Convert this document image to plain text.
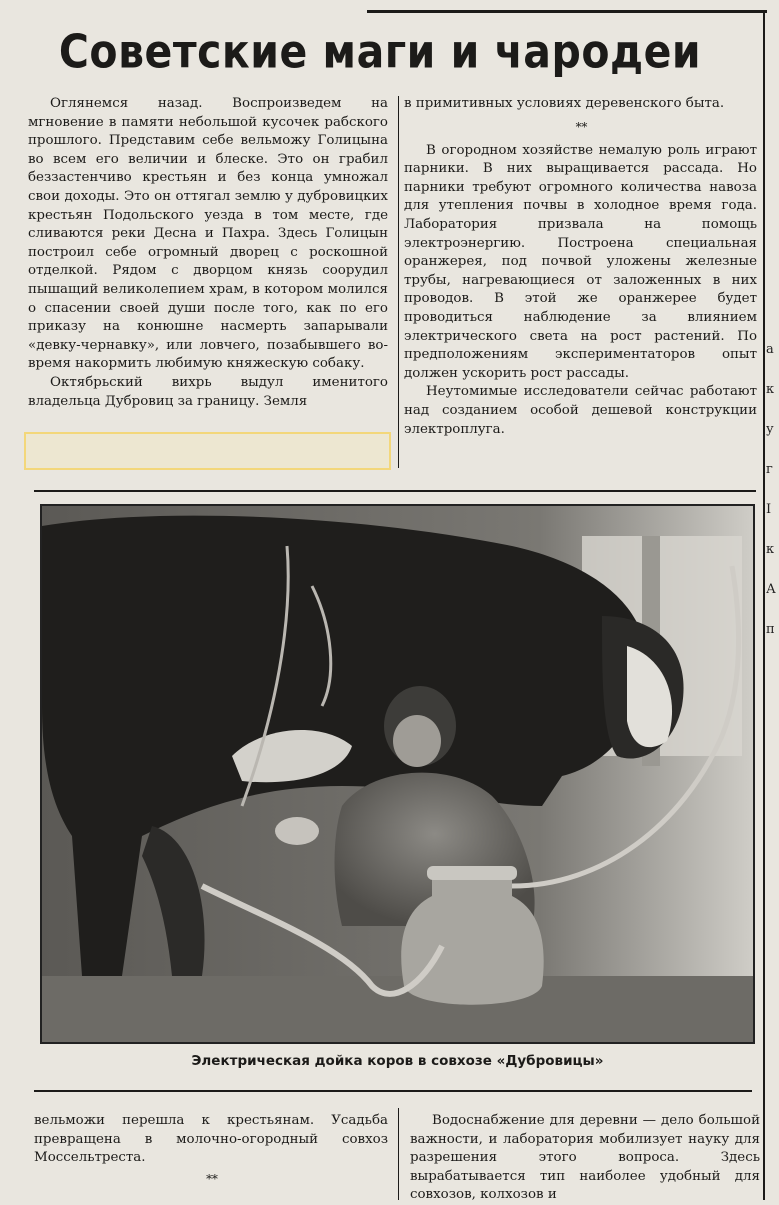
Советские маги и чародеи

Оглянемся назад. Воспроизведем на мгновение в памяти небольшой кусочек рабского прошлого. Представим себе вельможу Голицына во всем его величии и блеске. Это он грабил беззастенчиво крестьян и без конца умножал свои доходы. Это он оттягал землю у дубровицких крестьян Подольского уезда в том месте, где сливаются реки Десна и Пахра. Здесь Голицын построил себе огромный дворец с роскошной отделкой. Рядом с дворцом князь соорудил пышащий великолепием храм, в котором молился о спасении своей души после того, как по его приказу на конюшне насмерть запарывали «девку-чернавку», или ловчего, позабывшего во-время накормить любимую княжескую собаку.

Октябрьский вихрь выдул именитого владельца Дубровиц за границу. Земля

в примитивных условиях деревенского быта.

* *

В огородном хозяйстве немалую роль играют парники. В них выращивается рассада. Но парники требуют огромного количества навоза для утепления почвы в холодное время года. Лаборатория призвала на помощь электроэнергию. Построена специальная оранжерея, под почвой уложены железные трубы, нагревающиеся от заложенных в них проводов. В этой же оранжерее будет проводиться наблюдение за влиянием электрического света на рост растений. По предположениям экспериментаторов опыт должен ускорить рост рассады.

Неутомимые исследователи сейчас работают над созданием особой дешевой конструкции электроплуга.

Электрическая дойка коров в совхозе «Дубровицы»

вельможи перешла к крестьянам. Усадьба превращена в молочно-огородный совхоз Моссельтреста.

* *

Водоснабжение для деревни — дело большой важности, и лаборатория мобилизует науку для разрешения этого вопроса. Здесь вырабатывается тип наиболее удобный для совхозов, колхозов и

а
к
у
г
I
к
А
п
